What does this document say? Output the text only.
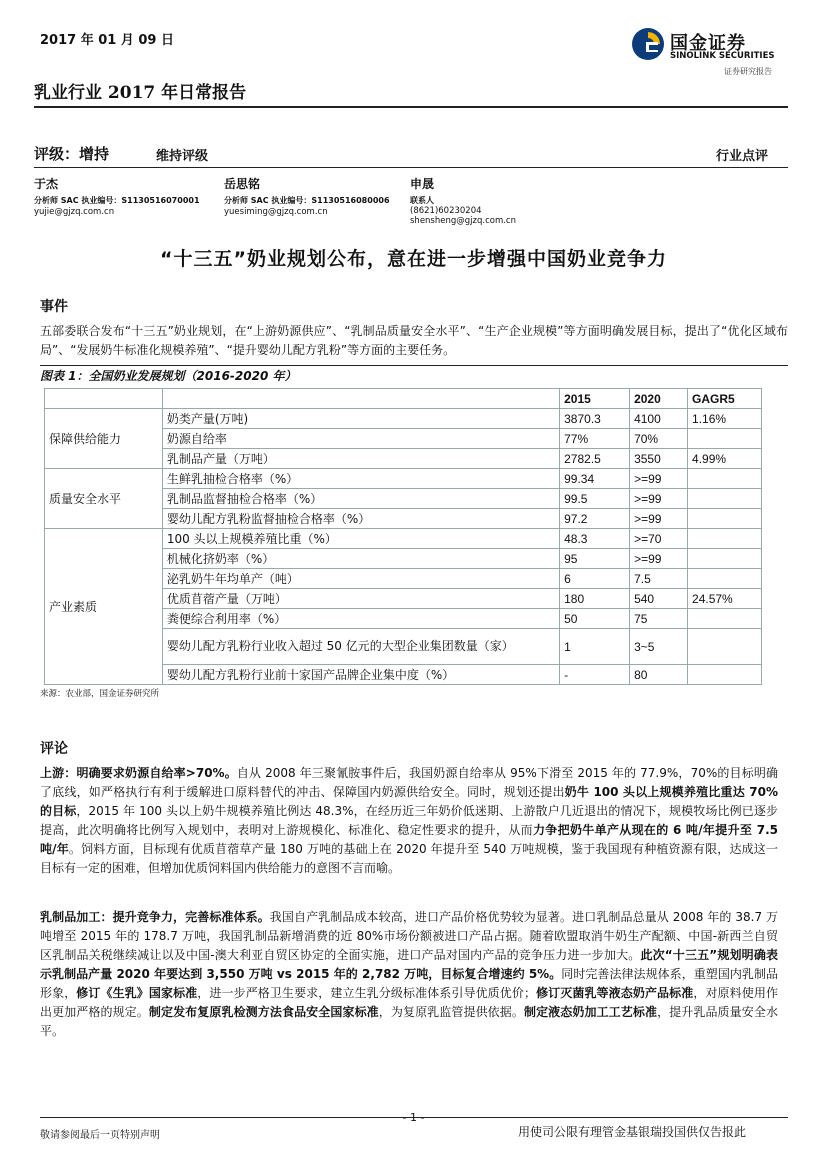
2017 年 01 月 09 日
乳业行业 2017 年日常报告
国金证券
SINOLINK SECURITIES
证券研究报告
评级：增持	维持评级	行业点评
于杰
分析师 SAC 执业编号：S1130516070001
yujie@gjzq.com.cn
岳思铭
分析师 SAC 执业编号：S1130516080006
yuesiming@gjzq.com.cn
申晟
联系人
(8621)60230204
shensheng@gjzq.com.cn
“十三五”奶业规划公布，意在进一步增强中国奶业竞争力
事件
五部委联合发布“十三五”奶业规划，在“上游奶源供应”、“乳制品质量安全水平”、“生产企业规模”等方面明确发展目标，提出了“优化区域布局”、“发展奶牛标准化规模养殖”、“提升婴幼儿配方乳粉”等方面的主要任务。
图表 1：全国奶业发展规划（2016-2020 年）
		2015	2020	GAGR5
保障供给能力	奶类产量(万吨)	3870.3	4100	1.16%
	奶源自给率	77%	70%	
	乳制品产量（万吨）	2782.5	3550	4.99%
质量安全水平	生鲜乳抽检合格率（%）	99.34	>=99	
	乳制品监督抽检合格率（%）	99.5	>=99	
	婴幼儿配方乳粉监督抽检合格率（%）	97.2	>=99	
产业素质	100 头以上规模养殖比重（%）	48.3	>=70	
	机械化挤奶率（%）	95	>=99	
	泌乳奶牛年均单产（吨）	6	7.5	
	优质苜蓿产量（万吨）	180	540	24.57%
	粪便综合利用率（%）	50	75	
	婴幼儿配方乳粉行业收入超过 50 亿元的大型企业集团数量（家）	1	3~5	
	婴幼儿配方乳粉行业前十家国产品牌企业集中度（%）	-	80	
来源：农业部，国金证券研究所
评论
上游：明确要求奶源自给率>70%。自从 2008 年三聚氰胺事件后，我国奶源自给率从 95%下滑至 2015 年的 77.9%，70%的目标明确了底线，如严格执行有利于缓解进口原料替代的冲击、保障国内奶源供给安全。同时，规划还提出奶牛 100 头以上规模养殖比重达 70%的目标，2015 年 100 头以上奶牛规模养殖比例达 48.3%，在经历近三年奶价低迷期、上游散户几近退出的情况下，规模牧场比例已逐步提高，此次明确将比例写入规划中，表明对上游规模化、标准化、稳定性要求的提升，从而力争把奶牛单产从现在的 6 吨/年提升至 7.5 吨/年。饲料方面，目标现有优质苜蓿草产量 180 万吨的基础上在 2020 年提升至 540 万吨规模，鉴于我国现有种植资源有限，达成这一目标有一定的困难，但增加优质饲料国内供给能力的意图不言而喻。
乳制品加工：提升竞争力，完善标准体系。我国自产乳制品成本较高，进口产品价格优势较为显著。进口乳制品总量从 2008 年的 38.7 万吨增至 2015 年的 178.7 万吨，我国乳制品新增消费的近 80%市场份额被进口产品占据。随着欧盟取消牛奶生产配额、中国-新西兰自贸区乳制品关税继续减让以及中国-澳大利亚自贸区协定的全面实施，进口产品对国内产品的竞争压力进一步加大。此次“十三五”规划明确表示乳制品产量 2020 年要达到 3,550 万吨 vs 2015 年的 2,782 万吨，目标复合增速约 5%。同时完善法律法规体系，重塑国内乳制品形象，修订《生乳》国家标准，进一步严格卫生要求，建立生乳分级标准体系引导优质优价；修订灭菌乳等液态奶产品标准，对原料使用作出更加严格的规定。制定发布复原乳检测方法食品安全国家标准，为复原乳监管提供依据。制定液态奶加工工艺标准，提升乳品质量安全水平。
- 1 -
敬请参阅最后一页特别声明	用使司公限有理管金基银瑞投国供仅告报此
